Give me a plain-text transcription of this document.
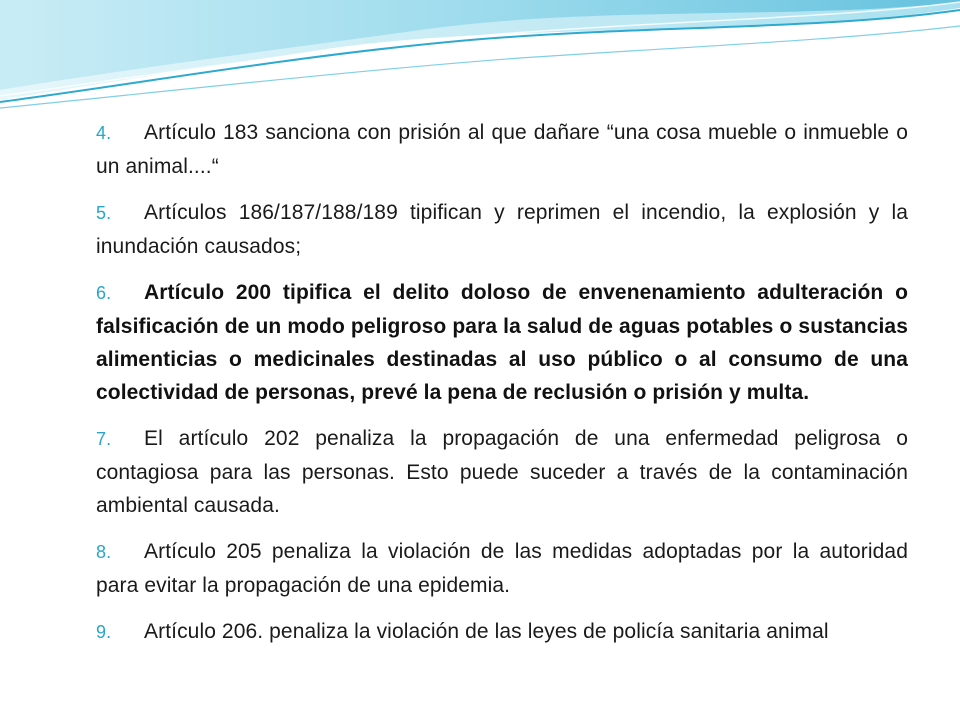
4. Artículo 183 sanciona con prisión al que dañare “una cosa mueble o inmueble o un animal....“

5. Artículos 186/187/188/189 tipifican y reprimen el incendio, la explosión y la inundación causados;

6. Artículo 200 tipifica el delito doloso de envenenamiento adulteración o falsificación de un modo peligroso para la salud de aguas potables o sustancias alimenticias o medicinales destinadas al uso público o al consumo de una colectividad de personas, prevé la pena de reclusión o prisión y multa.

7. El artículo 202 penaliza la propagación de una enfermedad peligrosa o contagiosa para las personas. Esto puede suceder a través de la contaminación ambiental causada.

8. Artículo 205 penaliza la violación de las medidas adoptadas por la autoridad para evitar la propagación de una epidemia.

9. Artículo 206. penaliza la violación de las leyes de policía sanitaria animal
